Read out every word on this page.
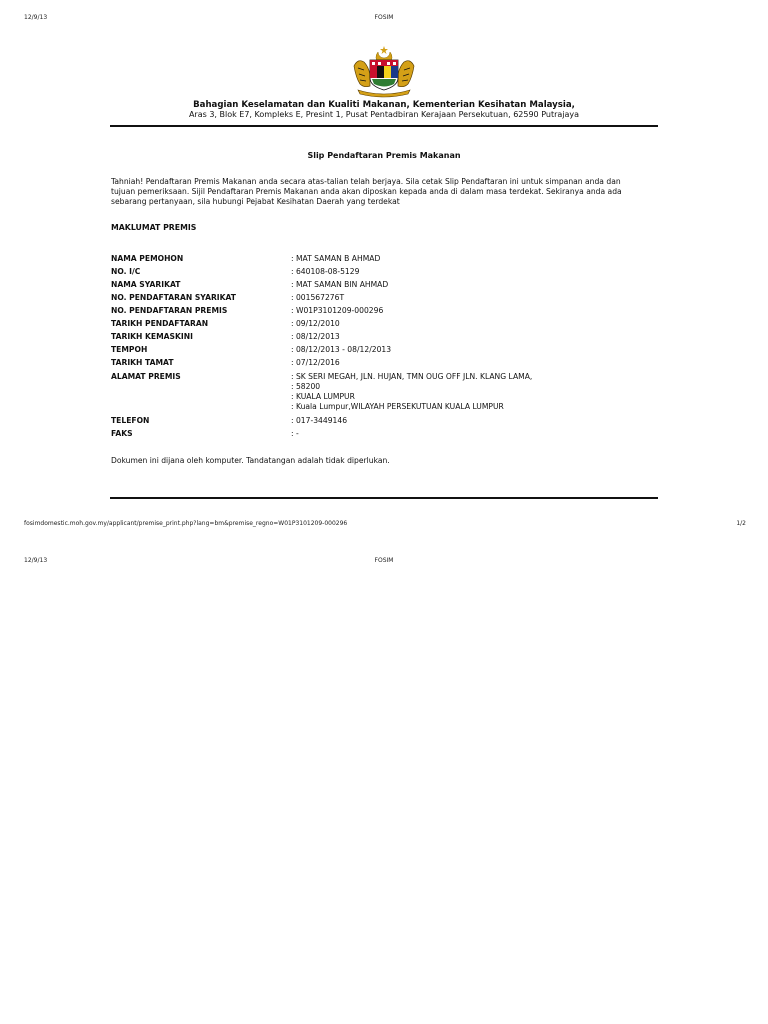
12/9/13	FOSIM
Bahagian Keselamatan dan Kualiti Makanan, Kementerian Kesihatan Malaysia,
Aras 3, Blok E7, Kompleks E, Presint 1, Pusat Pentadbiran Kerajaan Persekutuan, 62590 Putrajaya
Slip Pendaftaran Premis Makanan
Tahniah! Pendaftaran Premis Makanan anda secara atas-talian telah berjaya. Sila cetak Slip Pendaftaran ini untuk simpanan anda dan
tujuan pemeriksaan. Sijil Pendaftaran Premis Makanan anda akan diposkan kepada anda di dalam masa terdekat. Sekiranya anda ada
sebarang pertanyaan, sila hubungi Pejabat Kesihatan Daerah yang terdekat
MAKLUMAT PREMIS
NAMA PEMOHON	: MAT SAMAN B AHMAD
NO. I/C	: 640108-08-5129
NAMA SYARIKAT	: MAT SAMAN BIN AHMAD
NO. PENDAFTARAN SYARIKAT	: 001567276T
NO. PENDAFTARAN PREMIS	: W01P3101209-000296
TARIKH PENDAFTARAN	: 09/12/2010
TARIKH KEMASKINI	: 08/12/2013
TEMPOH	: 08/12/2013 - 08/12/2013
TARIKH TAMAT	: 07/12/2016
ALAMAT PREMIS	: SK SERI MEGAH, JLN. HUJAN, TMN OUG OFF JLN. KLANG LAMA,
: 58200
: KUALA LUMPUR
: Kuala Lumpur,WILAYAH PERSEKUTUAN KUALA LUMPUR
TELEFON	: 017-3449146
FAKS	: -
Dokumen ini dijana oleh komputer. Tandatangan adalah tidak diperlukan.
fosimdomestic.moh.gov.my/applicant/premise_print.php?lang=bm&premise_regno=W01P3101209-000296	1/2
12/9/13	FOSIM
